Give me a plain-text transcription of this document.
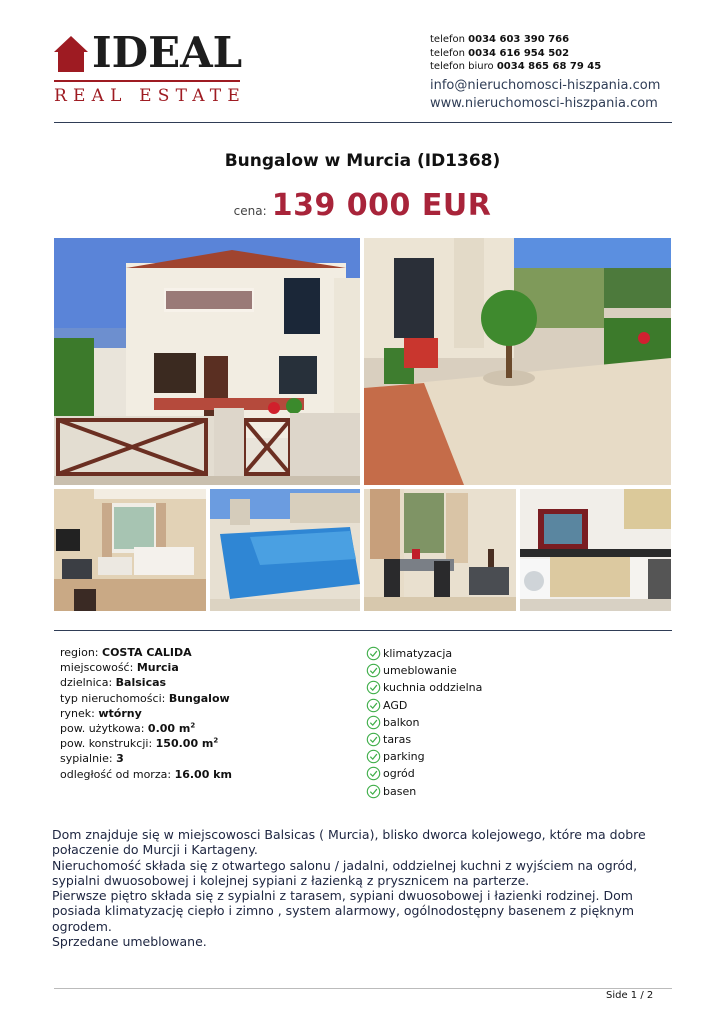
IDEAL
REAL ESTATE
telefon 0034 603 390 766
telefon 0034 616 954 502
telefon biuro 0034 865 68 79 45
info@nieruchomosci-hiszpania.com
www.nieruchomosci-hiszpania.com
Bungalow w Murcia (ID1368)
cena: 139 000 EUR
region: COSTA CALIDA
miejscowość: Murcia
dzielnica: Balsicas
typ nieruchomości: Bungalow
rynek: wtórny
pow. użytkowa: 0.00 $m^2$
pow. konstrukcji: 150.00 $m^2$
sypialnie: 3
odległość od morza: 16.00 km
klimatyzacja
umeblowanie
kuchnia oddzielna
AGD
balkon
taras
parking
ogród
basen

Dom znajduje się w miejscowosci Balsicas ( Murcia), blisko dworca kolejowego, które ma dobre połaczenie do Murcji i Kartageny.

Nieruchomość składa się z otwartego salonu / jadalni, oddzielnej kuchni z wyjściem na ogród, sypialni dwuosobowej i kolejnej sypiani z łazienką z prysznicem na parterze.

Pierwsze piętro składa się z sypialni z tarasem, sypiani dwuosobowej i łazienki rodzinej. Dom posiada klimatyzację ciepło i zimno , system alarmowy, ogólnodostępny basenem z pięknym ogrodem.

Sprzedane umeblowane.

Side 1 / 2
